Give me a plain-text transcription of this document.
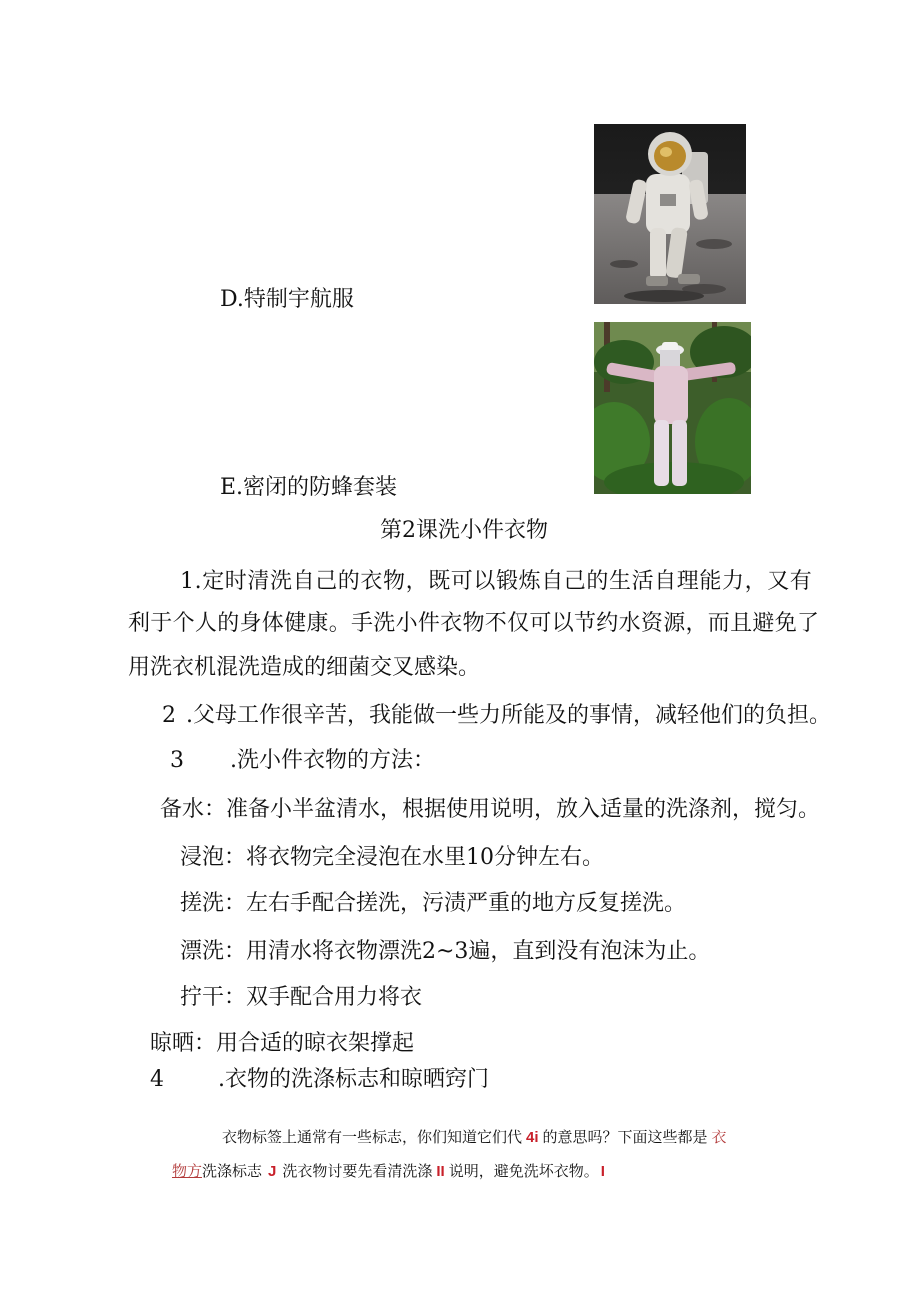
D.特制宇航服
E.密闭的防蜂套装
第2课洗小件衣物
1.定时清洗自己的衣物，既可以锻炼自己的生活自理能力，又有
利于个人的身体健康。手洗小件衣物不仅可以节约水资源，而且避免了
用洗衣机混洗造成的细菌交叉感染。
2 .父母工作很辛苦，我能做一些力所能及的事情，减轻他们的负担。
3 .洗小件衣物的方法：
备水：准备小半盆清水，根据使用说明，放入适量的洗涤剂，搅匀。
浸泡：将衣物完全浸泡在水里10分钟左右。
搓洗：左右手配合搓洗，污渍严重的地方反复搓洗。
漂洗：用清水将衣物漂洗2~3遍，直到没有泡沫为止。
拧干：双手配合用力将衣
晾晒：用合适的晾衣架撑起
4 .衣物的洗涤标志和晾晒窍门
衣物标签上通常有一些标志，你们知道它们代 4i 的意思吗？下面这些都是 衣
物方洗涤标志 J 洗衣物讨要先看清洗涤 II 说明，避免洗坏衣物。 I
